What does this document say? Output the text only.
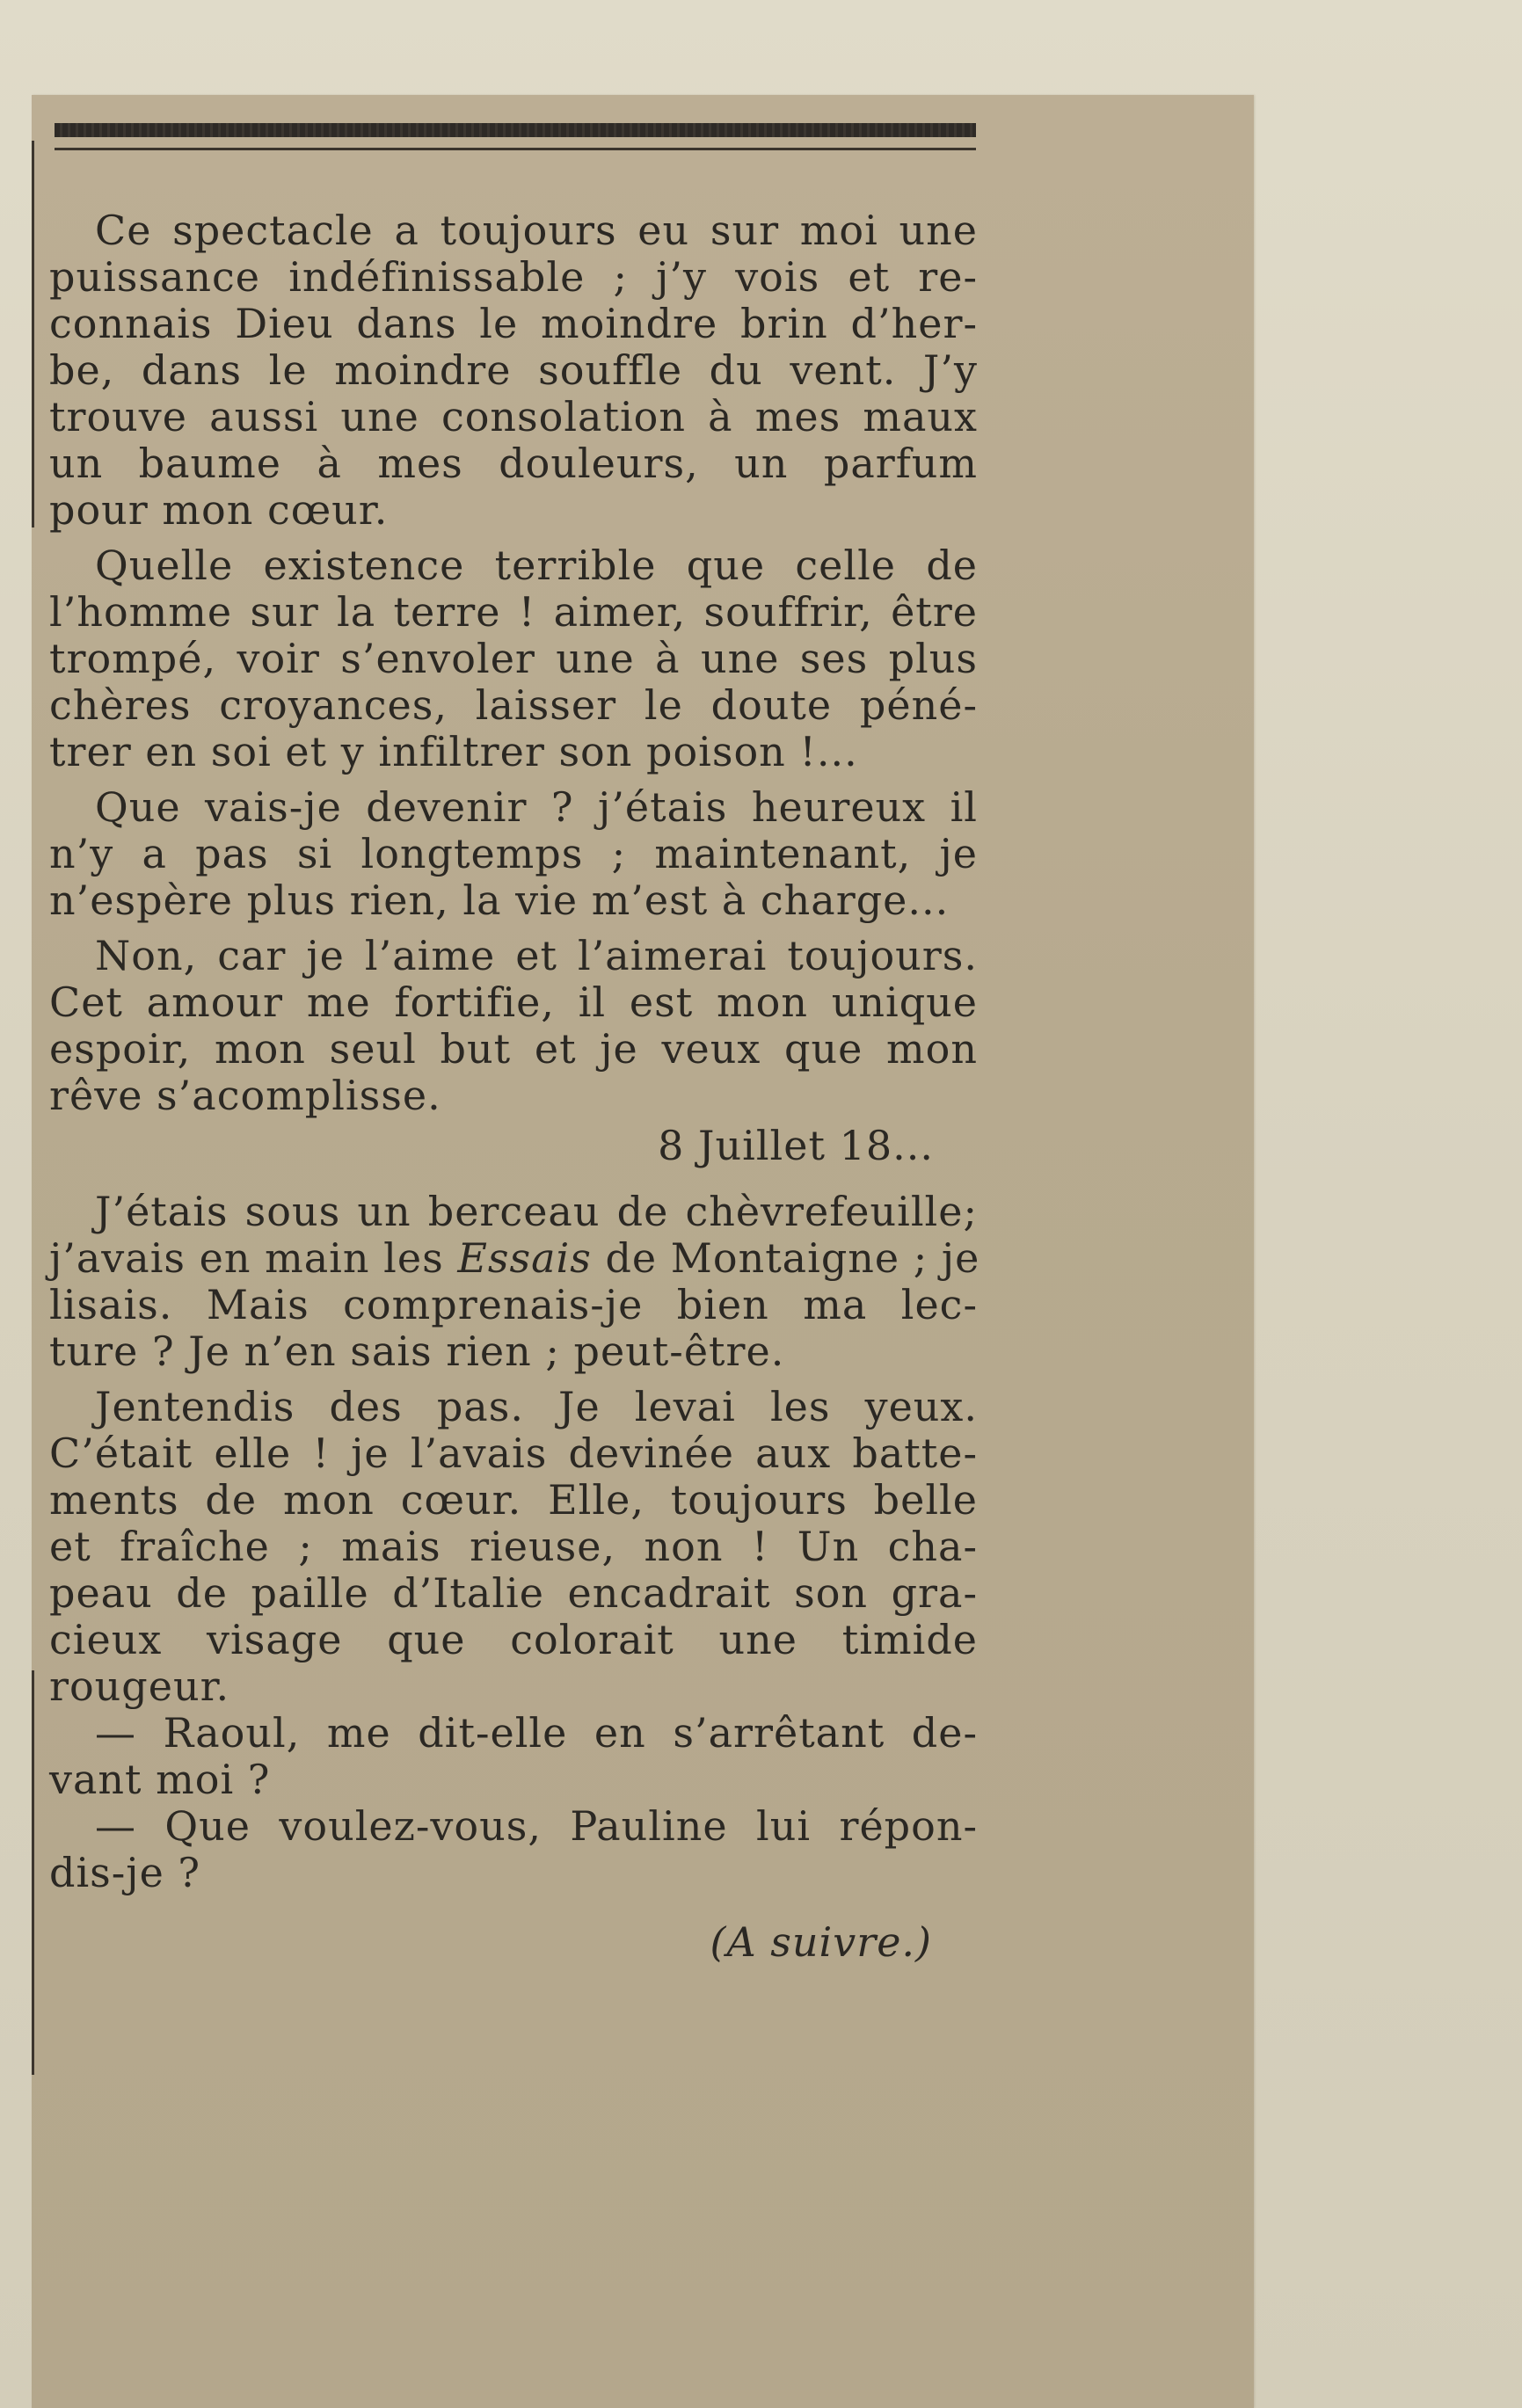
Ce spectacle a toujours eu sur moi une
puissance indéfinissable ; j’y vois et re-
connais Dieu dans le moindre brin d’her-
be, dans le moindre souffle du vent. J’y
trouve aussi une consolation à mes maux
un baume à mes douleurs, un parfum
pour mon cœur.
Quelle existence terrible que celle de
l’homme sur la terre ! aimer, souffrir, être
trompé, voir s’envoler une à une ses plus
chères croyances, laisser le doute péné-
trer en soi et y infiltrer son poison !...
Que vais-je devenir ? j’étais heureux il
n’y a pas si longtemps ; maintenant, je
n’espère plus rien, la vie m’est à charge...
Non, car je l’aime et l’aimerai toujours.
Cet amour me fortifie, il est mon unique
espoir, mon seul but et je veux que mon
rêve s’acomplisse.
8 Juillet 18...
J’étais sous un berceau de chèvrefeuille;
j’avais en main les Essais de Montaigne ; je
lisais. Mais comprenais-je bien ma lec-
ture ? Je n’en sais rien ; peut-être.
Jentendis des pas. Je levai les yeux.
C’était elle ! je l’avais devinée aux batte-
ments de mon cœur. Elle, toujours belle
et fraîche ; mais rieuse, non ! Un cha-
peau de paille d’Italie encadrait son gra-
cieux visage que colorait une timide
rougeur.
— Raoul, me dit-elle en s’arrêtant de-
vant moi ?
— Que voulez-vous, Pauline lui répon-
dis-je ?
(A suivre.)
